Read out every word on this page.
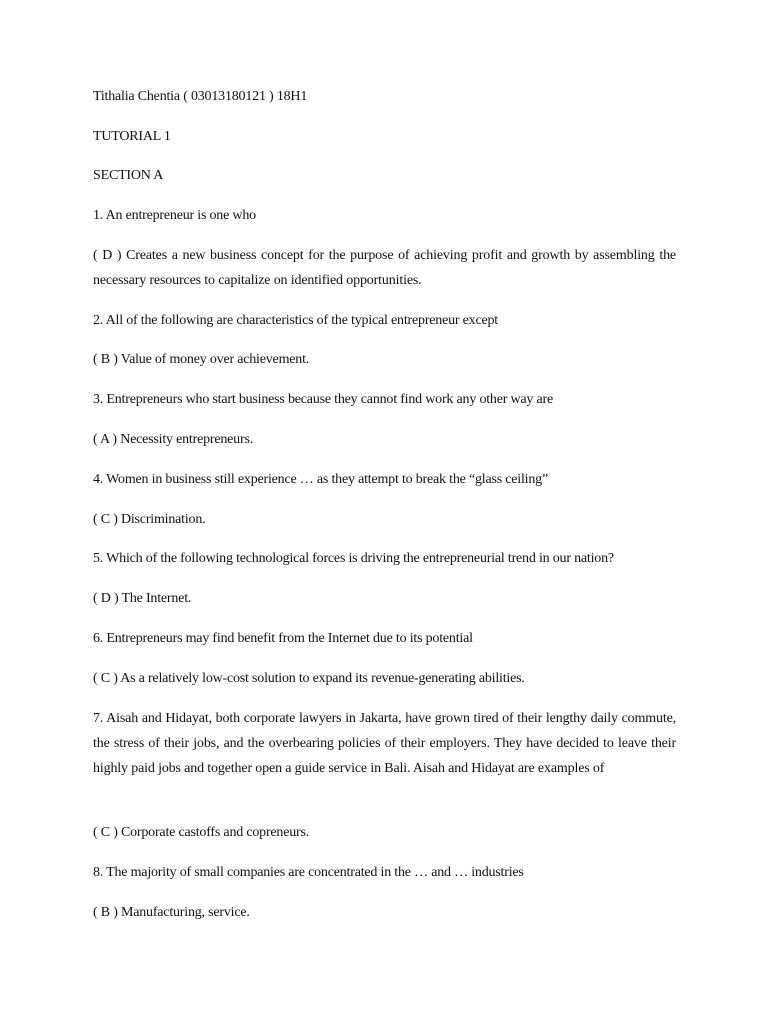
Tithalia Chentia ( 03013180121 ) 18H1

TUTORIAL 1

SECTION A

1. An entrepreneur is one who

( D ) Creates a new business concept for the purpose of achieving profit and growth by assembling the necessary resources to capitalize on identified opportunities.

2. All of the following are characteristics of the typical entrepreneur except

( B ) Value of money over achievement.

3. Entrepreneurs who start business because they cannot find work any other way are

( A ) Necessity entrepreneurs.

4. Women in business still experience … as they attempt to break the “glass ceiling”

( C ) Discrimination.

5. Which of the following technological forces is driving the entrepreneurial trend in our nation?

( D ) The Internet.

6. Entrepreneurs may find benefit from the Internet due to its potential

( C ) As a relatively low-cost solution to expand its revenue-generating abilities.

7. Aisah and Hidayat, both corporate lawyers in Jakarta, have grown tired of their lengthy daily commute, the stress of their jobs, and the overbearing policies of their employers. They have decided to leave their highly paid jobs and together open a guide service in Bali. Aisah and Hidayat are examples of

( C ) Corporate castoffs and copreneurs.

8. The majority of small companies are concentrated in the … and … industries

( B ) Manufacturing, service.
